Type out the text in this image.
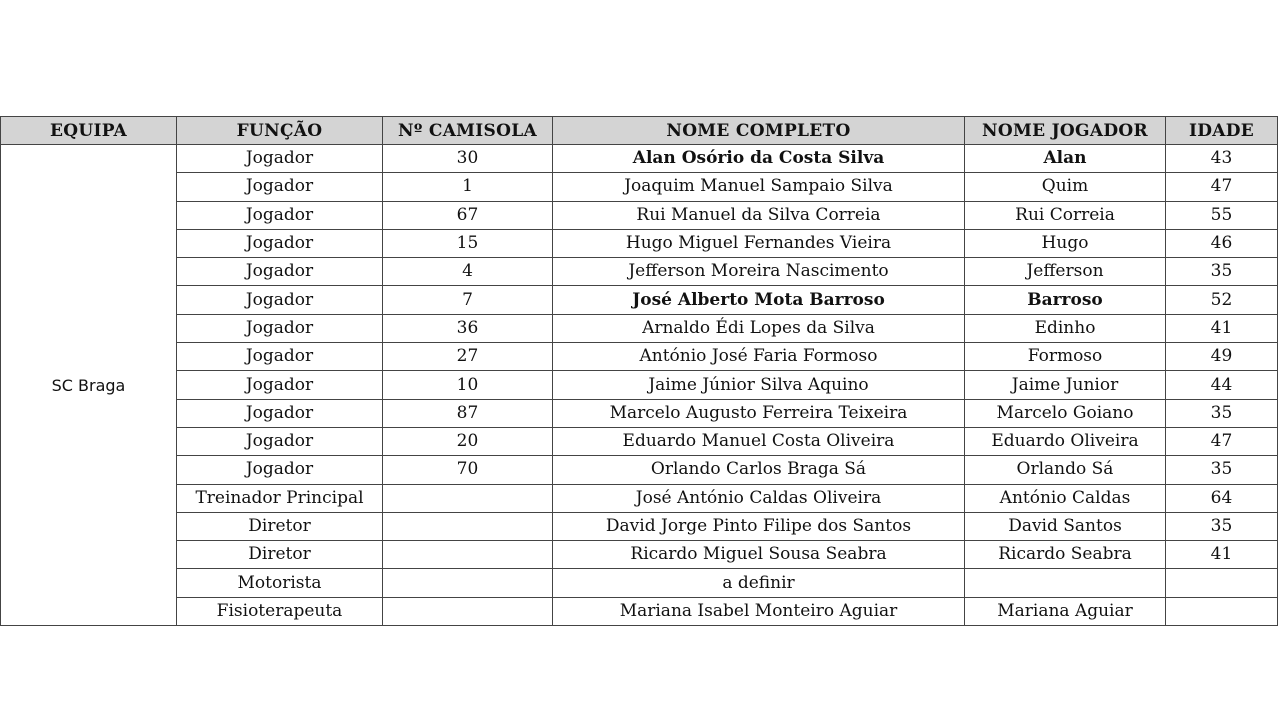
EQUIPA	FUNÇÃO	Nº CAMISOLA	NOME COMPLETO	NOME JOGADOR	IDADE
SC Braga	Jogador	30	Alan Osório da Costa Silva	Alan	43
	Jogador	1	Joaquim Manuel Sampaio Silva	Quim	47
	Jogador	67	Rui Manuel da Silva Correia	Rui Correia	55
	Jogador	15	Hugo Miguel Fernandes Vieira	Hugo	46
	Jogador	4	Jefferson Moreira Nascimento	Jefferson	35
	Jogador	7	José Alberto Mota Barroso	Barroso	52
	Jogador	36	Arnaldo Édi Lopes da Silva	Edinho	41
	Jogador	27	António José Faria Formoso	Formoso	49
	Jogador	10	Jaime Júnior Silva Aquino	Jaime Junior	44
	Jogador	87	Marcelo Augusto Ferreira Teixeira	Marcelo Goiano	35
	Jogador	20	Eduardo Manuel Costa Oliveira	Eduardo Oliveira	47
	Jogador	70	Orlando Carlos Braga Sá	Orlando Sá	35
	Treinador Principal		José António Caldas Oliveira	António Caldas	64
	Diretor		David Jorge Pinto Filipe dos Santos	David Santos	35
	Diretor		Ricardo Miguel Sousa Seabra	Ricardo Seabra	41
	Motorista		a definir		
	Fisioterapeuta		Mariana Isabel Monteiro Aguiar	Mariana Aguiar	
